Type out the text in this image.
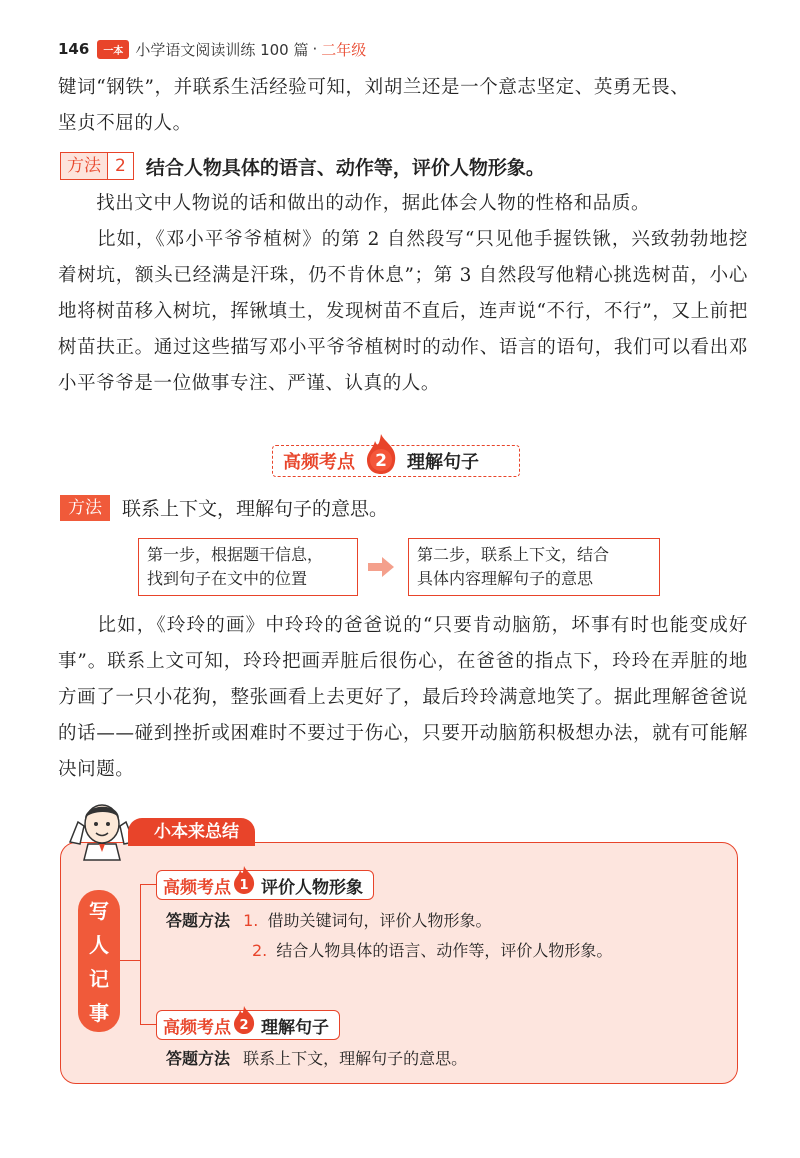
146	一本 小学语文阅读训练 100 篇 · 二年级

键词“钢铁”，并联系生活经验可知，刘胡兰还是一个意志坚定、英勇无畏、

坚贞不屈的人。

方法 2	结合人物具体的语言、动作等，评价人物形象。

　　找出文中人物说的话和做出的动作，据此体会人物的性格和品质。

　　比如，《邓小平爷爷植树》的第 2 自然段写“只见他手握铁锹，兴致勃勃地挖着树坑，额头已经满是汗珠，仍不肯休息”；第 3 自然段写他精心挑选树苗，小心地将树苗移入树坑，挥锹填土，发现树苗不直后，连声说“不行，不行”，又上前把树苗扶正。通过这些描写邓小平爷爷植树时的动作、语言的语句，我们可以看出邓小平爷爷是一位做事专注、严谨、认真的人。

高频考点 2 理解句子
方法	联系上下文，理解句子的意思。
第一步，根据题干信息，
找到句子在文中的位置
第二步，联系上下文，结合
具体内容理解句子的意思

　　比如，《玲玲的画》中玲玲的爸爸说的“只要肯动脑筋，坏事有时也能变成好事”。联系上文可知，玲玲把画弄脏后很伤心，在爸爸的指点下，玲玲在弄脏的地方画了一只小花狗，整张画看上去更好了，最后玲玲满意地笑了。据此理解爸爸说的话——碰到挫折或困难时不要过于伤心，只要开动脑筋积极想办法，就有可能解决问题。

小本来总结
写
人
记
事
高频考点 1 评价人物形象
答题方法 1. 借助关键词句，评价人物形象。
2. 结合人物具体的语言、动作等，评价人物形象。
高频考点 2 理解句子
答题方法 联系上下文，理解句子的意思。
